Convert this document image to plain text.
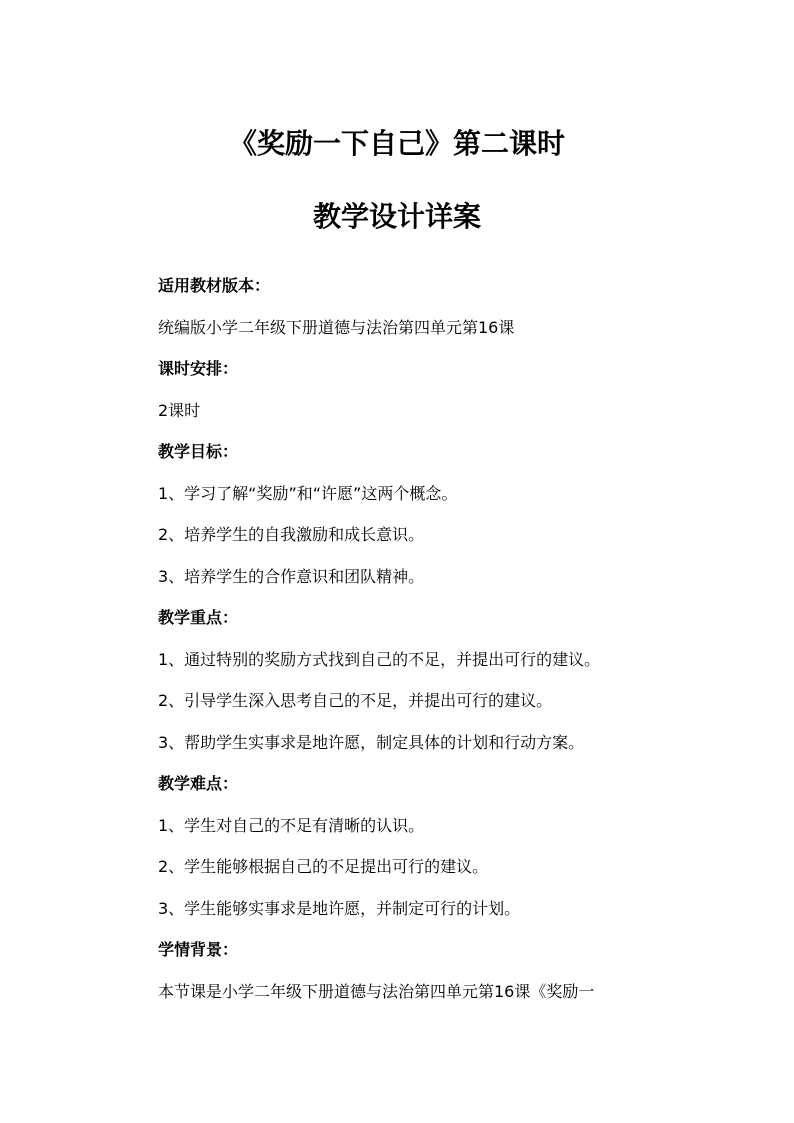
《奖励一下自己》第二课时
教学设计详案
适用教材版本：
统编版小学二年级下册道德与法治第四单元第16课
课时安排：
2课时
教学目标：
1、学习了解“奖励”和“许愿”这两个概念。
2、培养学生的自我激励和成长意识。
3、培养学生的合作意识和团队精神。
教学重点：
1、通过特别的奖励方式找到自己的不足，并提出可行的建议。
2、引导学生深入思考自己的不足，并提出可行的建议。
3、帮助学生实事求是地许愿，制定具体的计划和行动方案。
教学难点：
1、学生对自己的不足有清晰的认识。
2、学生能够根据自己的不足提出可行的建议。
3、学生能够实事求是地许愿，并制定可行的计划。
学情背景：
本节课是小学二年级下册道德与法治第四单元第16课《奖励一
